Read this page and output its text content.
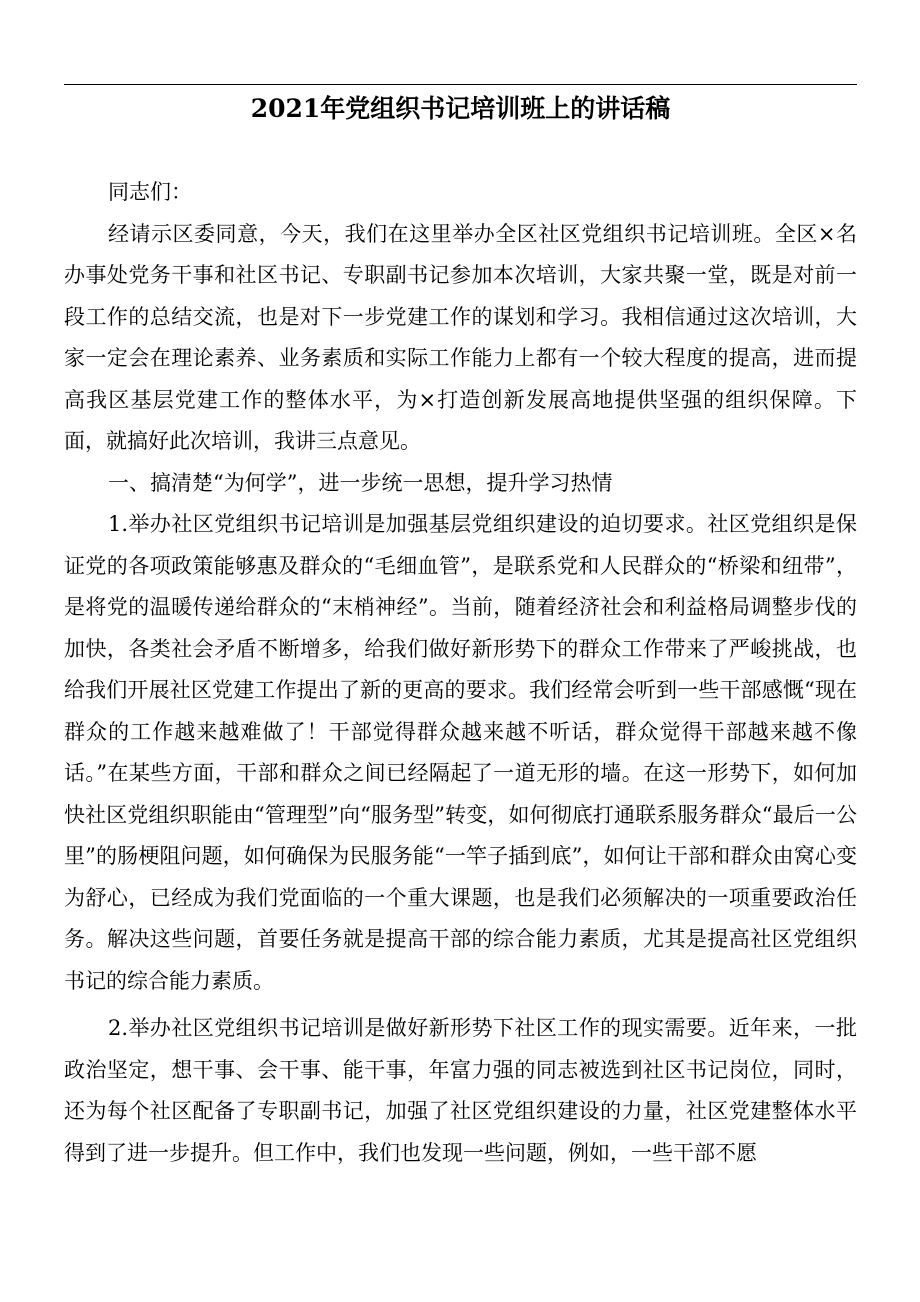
2021年党组织书记培训班上的讲话稿

同志们：

经请示区委同意，今天，我们在这里举办全区社区党组织书记培训班。全区×名办事处党务干事和社区书记、专职副书记参加本次培训，大家共聚一堂，既是对前一段工作的总结交流，也是对下一步党建工作的谋划和学习。我相信通过这次培训，大家一定会在理论素养、业务素质和实际工作能力上都有一个较大程度的提高，进而提高我区基层党建工作的整体水平，为×打造创新发展高地提供坚强的组织保障。下面，就搞好此次培训，我讲三点意见。

一、搞清楚“为何学”，进一步统一思想，提升学习热情

1.举办社区党组织书记培训是加强基层党组织建设的迫切要求。社区党组织是保证党的各项政策能够惠及群众的“毛细血管”，是联系党和人民群众的“桥梁和纽带”，是将党的温暖传递给群众的“末梢神经”。当前，随着经济社会和利益格局调整步伐的加快，各类社会矛盾不断增多，给我们做好新形势下的群众工作带来了严峻挑战，也给我们开展社区党建工作提出了新的更高的要求。我们经常会听到一些干部感慨“现在群众的工作越来越难做了！干部觉得群众越来越不听话，群众觉得干部越来越不像话。”在某些方面，干部和群众之间已经隔起了一道无形的墙。在这一形势下，如何加快社区党组织职能由“管理型”向“服务型”转变，如何彻底打通联系服务群众“最后一公里”的肠梗阻问题，如何确保为民服务能“一竿子插到底”，如何让干部和群众由窝心变为舒心，已经成为我们党面临的一个重大课题，也是我们必须解决的一项重要政治任务。解决这些问题，首要任务就是提高干部的综合能力素质，尤其是提高社区党组织书记的综合能力素质。

2.举办社区党组织书记培训是做好新形势下社区工作的现实需要。近年来，一批政治坚定，想干事、会干事、能干事，年富力强的同志被选到社区书记岗位，同时，还为每个社区配备了专职副书记，加强了社区党组织建设的力量，社区党建整体水平得到了进一步提升。但工作中，我们也发现一些问题，例如，一些干部不愿
